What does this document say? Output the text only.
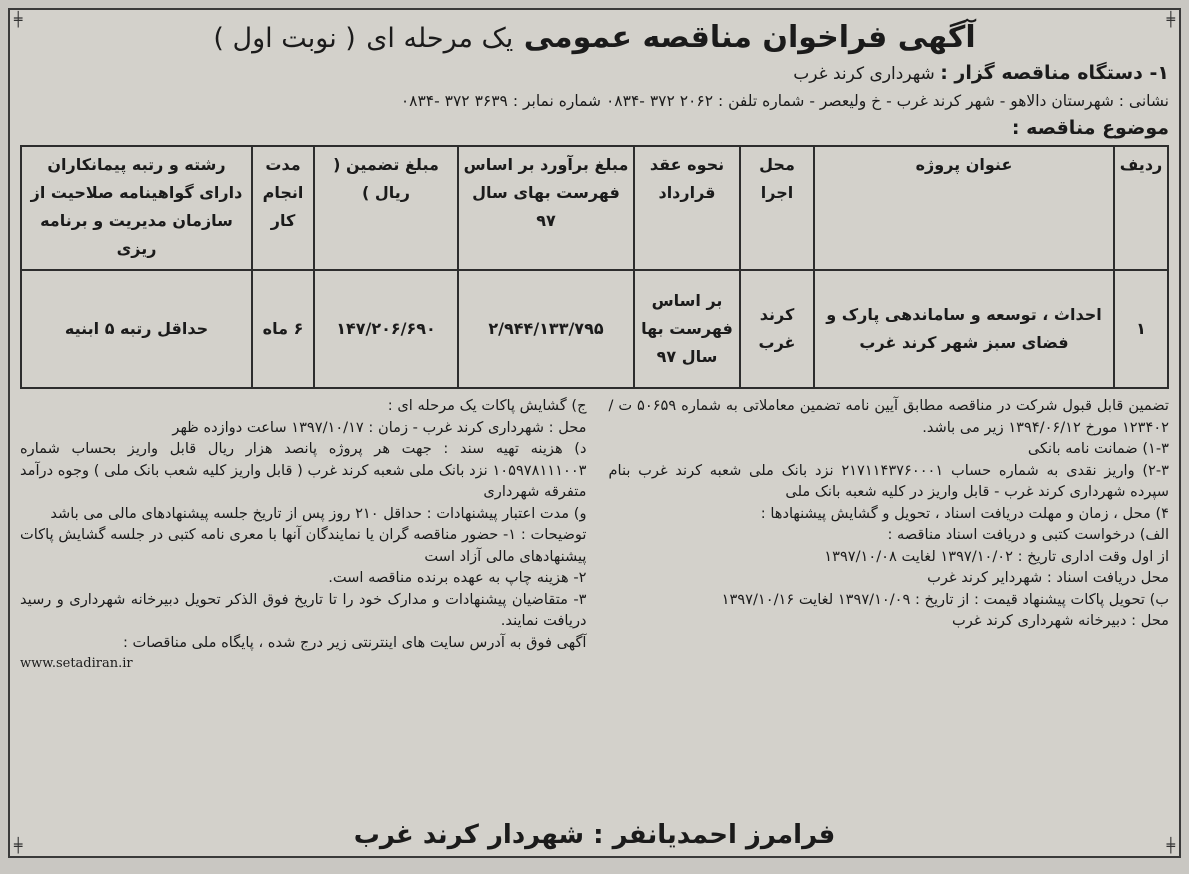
╪	╪
╪	╪
آگهی فراخوان مناقصه عمومی یک مرحله ای ( نوبت اول )
۱- دستگاه مناقصه گزار : شهرداری کرند غرب
نشانی : شهرستان دالاهو - شهر کرند غرب - خ ولیعصر - شماره تلفن : ۲۰۶۲ ۳۷۲ -۰۸۳۴ شماره نمابر : ۳۶۳۹ ۳۷۲ -۰۸۳۴
موضوع مناقصه :
ردیف	عنوان پروژه	محل اجرا	نحوه عقد قرارداد	مبلغ برآورد بر اساس فهرست بهای سال ۹۷	مبلغ تضمین ( ریال )	مدت انجام کار	رشته و رتبه پیمانکاران دارای گواهینامه صلاحیت از سازمان مدیریت و برنامه ریزی
۱	احداث ، توسعه و ساماندهی پارک و فضای سبز شهر کرند غرب	کرند غرب	بر اساس فهرست بها سال ۹۷	۲/۹۴۴/۱۳۳/۷۹۵	۱۴۷/۲۰۶/۶۹۰	۶ ماه	حداقل رتبه ۵ ابنیه

تضمین قابل قبول شرکت در مناقصه مطابق آیین نامه تضمین معاملاتی به شماره ۵۰۶۵۹ ت /۱۲۳۴۰۲ مورخ ۱۳۹۴/۰۶/۱۲ زیر می باشد.

۱-۳) ضمانت نامه بانکی

۲-۳) واریز نقدی به شماره حساب ۲۱۷۱۱۴۳۷۶۰۰۰۱ نزد بانک ملی شعبه کرند غرب بنام سپرده شهرداری کرند غرب - قابل واریز در کلیه شعبه بانک ملی

۴) محل ، زمان و مهلت دریافت اسناد ، تحویل و گشایش پیشنهادها :

الف) درخواست کتبی و دریافت اسناد مناقصه :

از اول وقت اداری تاریخ : ۱۳۹۷/۱۰/۰۲ لغایت ۱۳۹۷/۱۰/۰۸

محل دریافت اسناد : شهردایر کرند غرب

ب) تحویل پاکات پیشنهاد قیمت : از تاریخ : ۱۳۹۷/۱۰/۰۹ لغایت ۱۳۹۷/۱۰/۱۶

محل : دبیرخانه شهرداری کرند غرب

ج) گشایش پاکات یک مرحله ای :

محل : شهرداری کرند غرب - زمان : ۱۳۹۷/۱۰/۱۷ ساعت دوازده ظهر

د) هزینه تهیه سند : جهت هر پروژه پانصد هزار ریال قابل واریز بحساب شماره ۱۰۵۹۷۸۱۱۱۰۰۳ نزد بانک ملی شعبه کرند غرب ( قابل واریز کلیه شعب بانک ملی ) وجوه درآمد متفرقه شهرداری

و) مدت اعتبار پیشنهادات : حداقل ۲۱۰ روز پس از تاریخ جلسه پیشنهادهای مالی می باشد

توضیحات : ۱- حضور مناقصه گران یا نمایندگان آنها با معری نامه کتبی در جلسه گشایش پاکات پیشنهادهای مالی آزاد است

۲- هزینه چاپ به عهده برنده مناقصه است.

۳- متقاضیان پیشنهادات و مدارک خود را تا تاریخ فوق الذکر تحویل دبیرخانه شهرداری و رسید دریافت نمایند.

آگهی فوق به آدرس سایت های اینترنتی زیر درج شده ، پایگاه ملی مناقصات :

www.setadiran.ir

فرامرز احمدیانفر : شهردار کرند غرب
